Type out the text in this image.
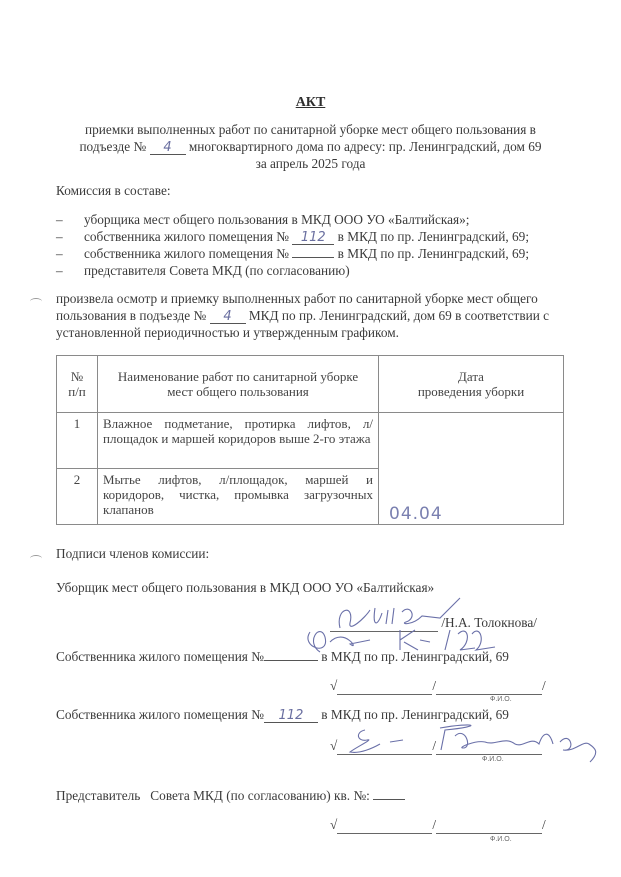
АКТ
приемки выполненных работ по санитарной уборке мест общего пользования в
подъезде № 4 многоквартирного дома по адресу: пр. Ленинградский, дом 69
за апрель 2025 года
Комиссия в составе:
– уборщика мест общего пользования в МКД ООО УО «Балтийская»;
– собственника жилого помещения № 112 в МКД по пр. Ленинградский, 69;
– собственника жилого помещения №	в МКД по пр. Ленинградский, 69;
– представителя Совета МКД (по согласованию)
произвела осмотр и приемку выполненных работ по санитарной уборке мест общего
пользования в подъезде № 4 МКД по пр. Ленинградский, дом 69 в соответствии с
установленной периодичностью и утвержденным графиком.
№
п/п

Наименование работ по санитарной уборке
мест общего пользования

Дата
проведения уборки

1	Влажное подметание, протирка лифтов, л/площадок и маршей коридоров выше 2-го этажа	04.04

2	Мытье лифтов, л/площадок, маршей и коридоров, чистка, промывка загрузочных клапанов	
Подписи членов комиссии:
Уборщик мест общего пользования в МКД ООО УО «Балтийская»
/Н.А. Толокнова/
Собственника жилого помещения №	в МКД по пр. Ленинградский, 69
√	/	/
Ф.И.О.
Собственника жилого помещения № 112 в МКД по пр. Ленинградский, 69
√	/
Ф.И.О.
Представитель   Совета МКД (по согласованию) кв. №:
√	/	/
Ф.И.О.
